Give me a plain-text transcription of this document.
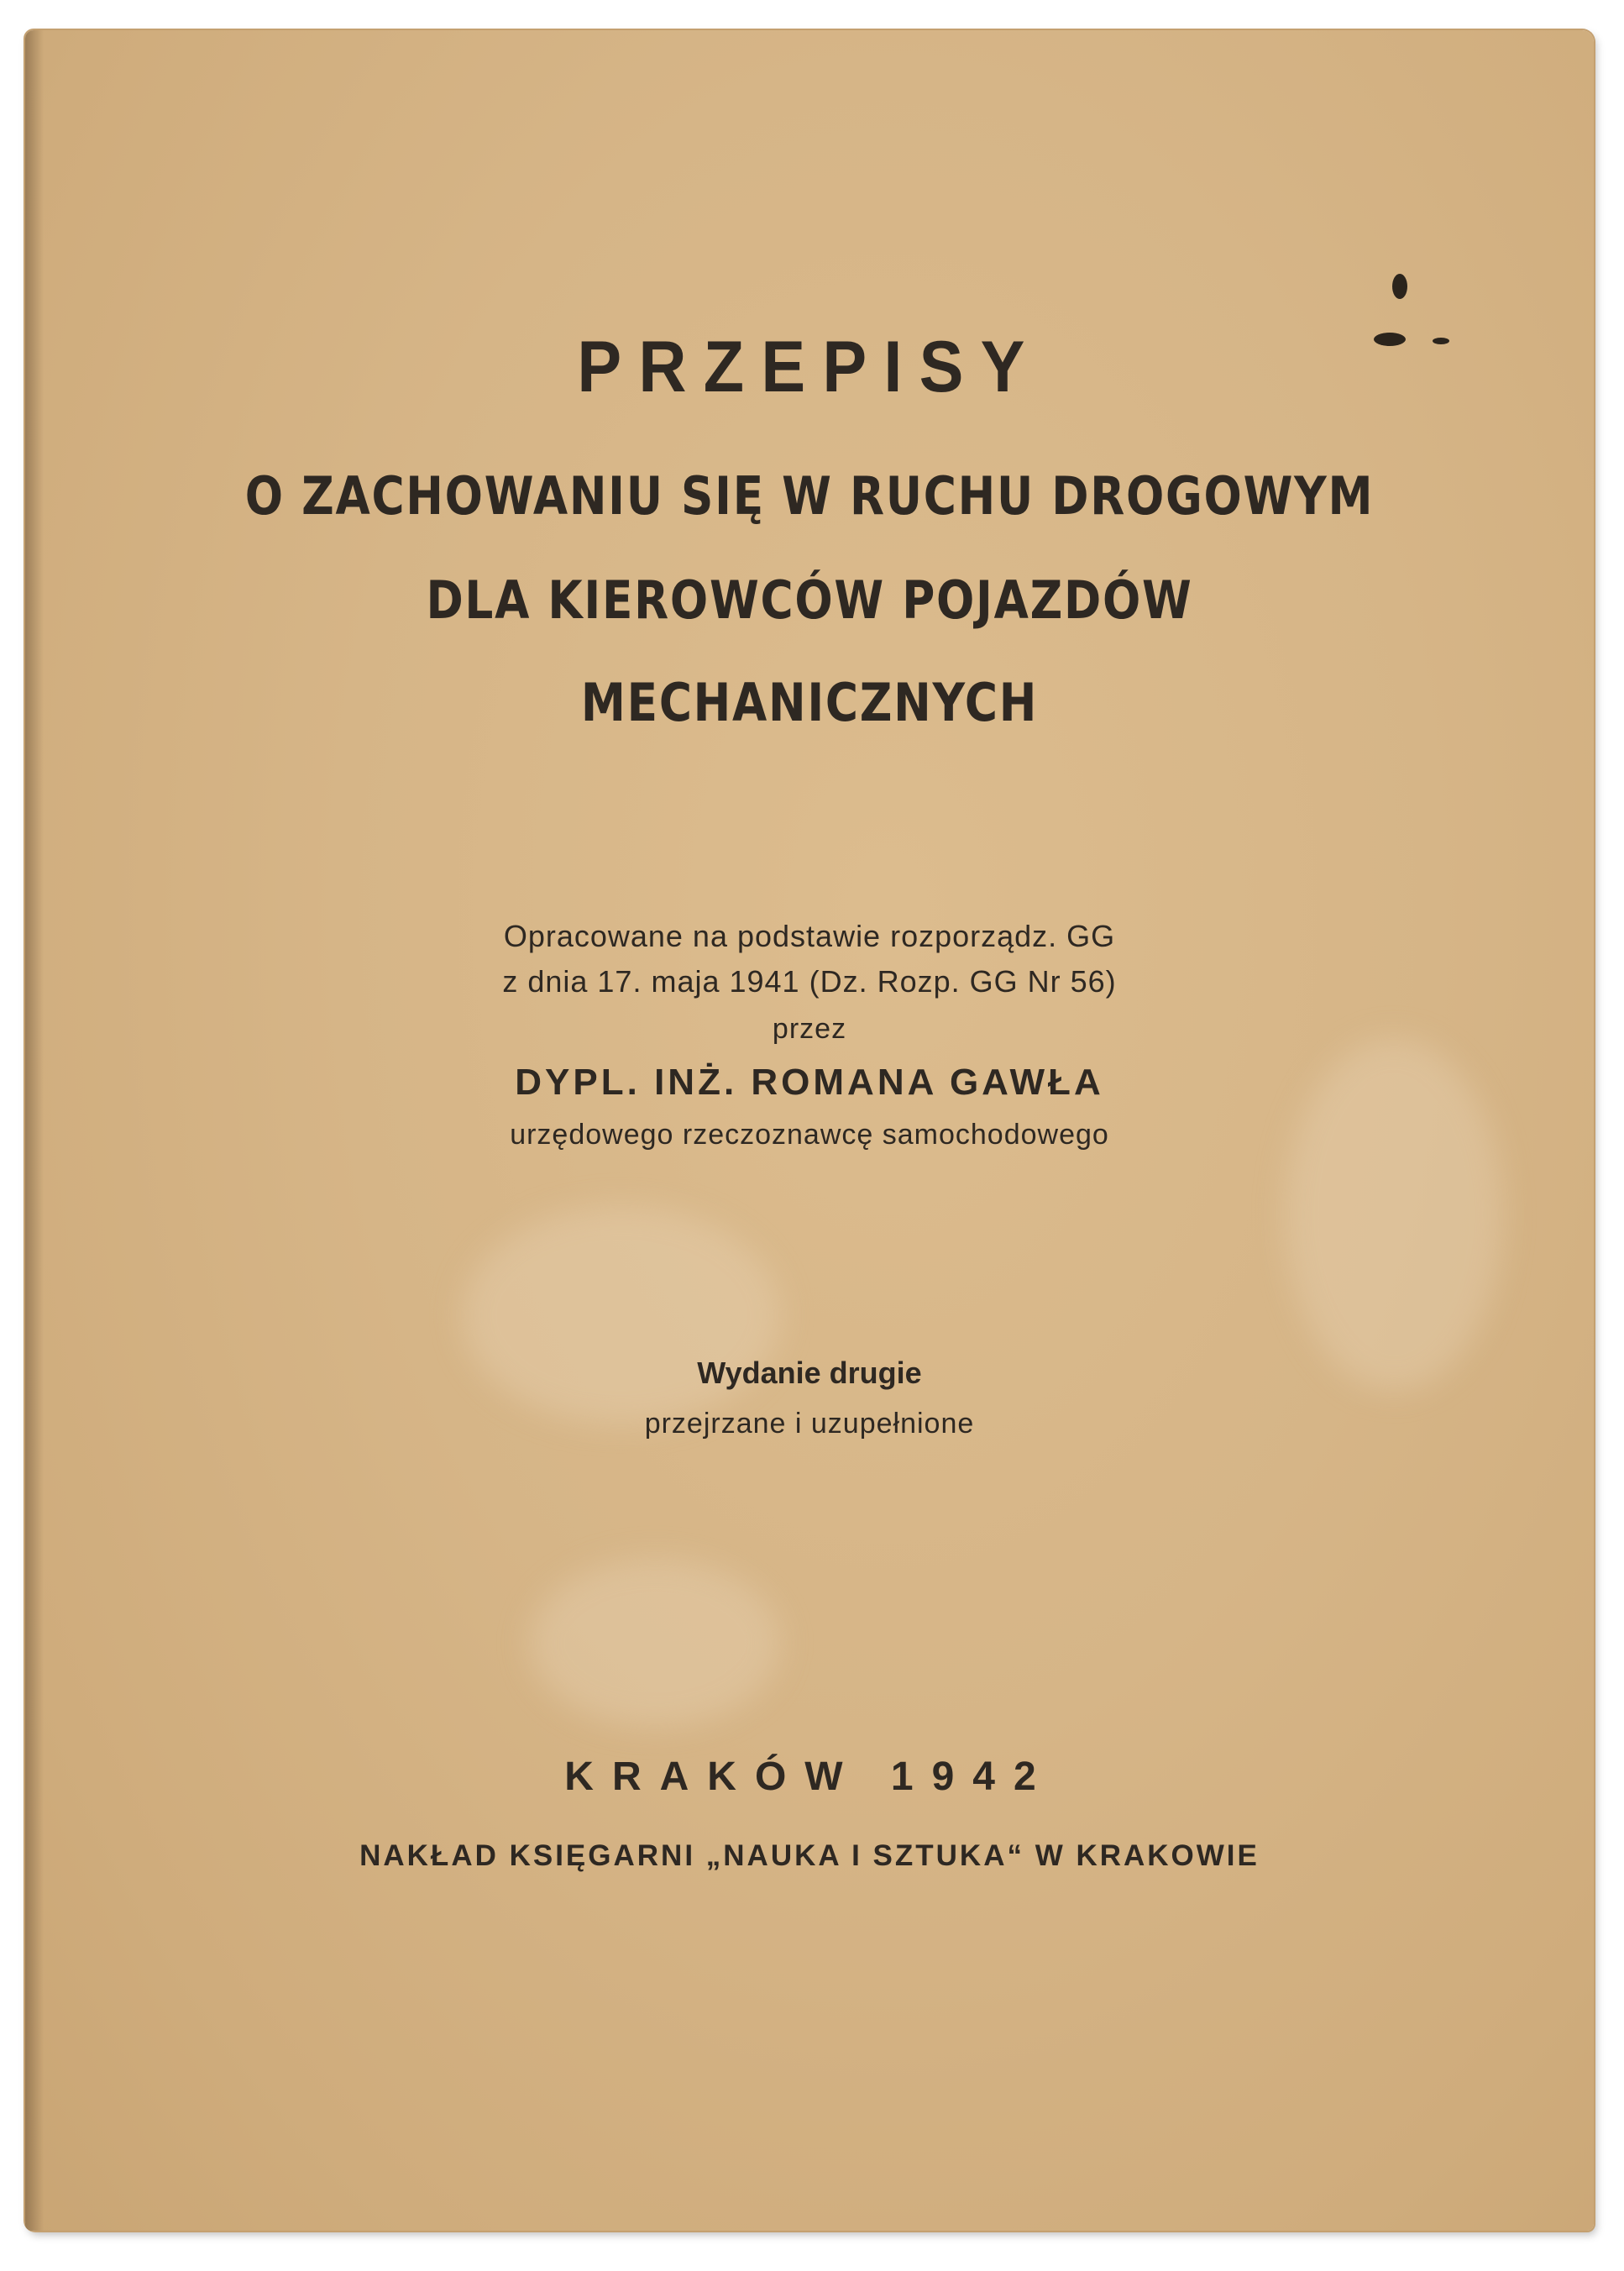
PRZEPISY
O ZACHOWANIU SIĘ W RUCHU DROGOWYM
DLA KIEROWCÓW POJAZDÓW
MECHANICZNYCH
Opracowane na podstawie rozporządz. GG
z dnia 17. maja 1941 (Dz. Rozp. GG Nr 56)
przez
DYPL. INŻ. ROMANA GAWŁA
urzędowego rzeczoznawcę samochodowego
Wydanie drugie
przejrzane i uzupełnione
KRAKÓW 1942
NAKŁAD KSIĘGARNI „NAUKA I SZTUKA“ W KRAKOWIE
